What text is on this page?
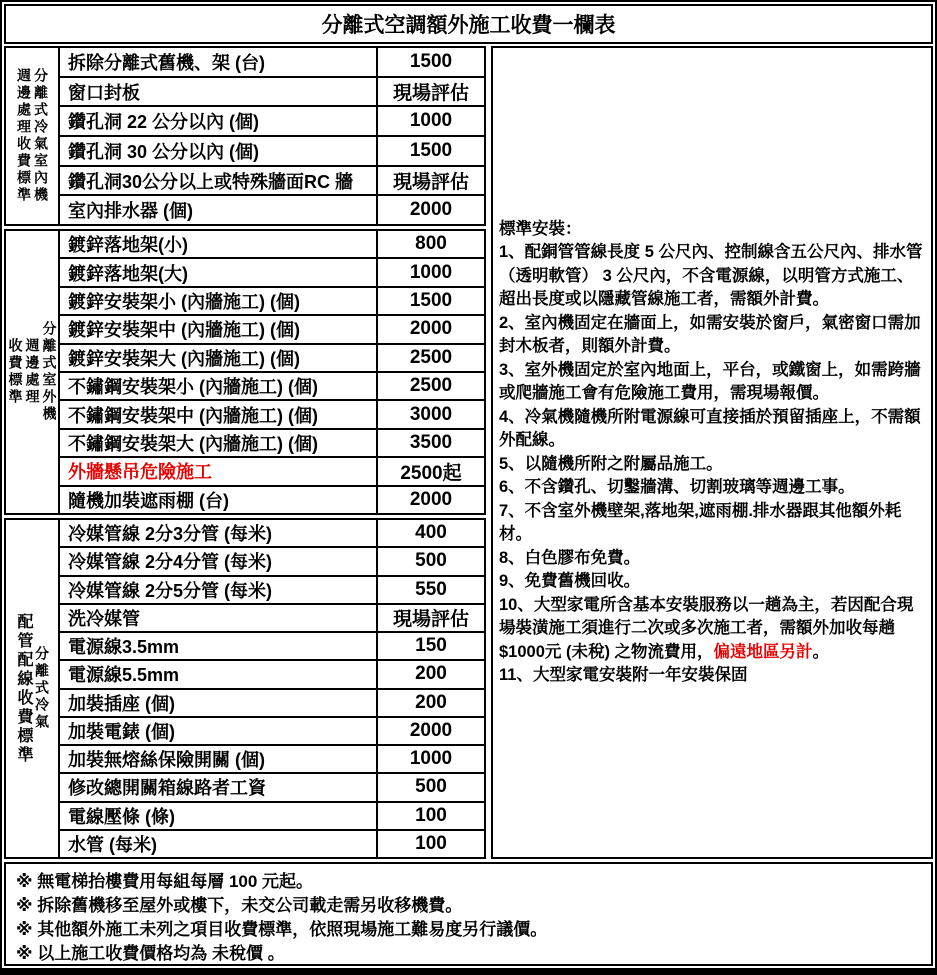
分離式空調額外施工收費一欄表
分離式冷氣室內機
週邊處理收費標準
拆除分離式舊機、架 (台)	1500
窗口封板	現場評估
鑽孔洞 22 公分以內 (個)	1000
鑽孔洞 30 公分以內 (個)	1500
鑽孔洞30公分以上或特殊牆面RC 牆	現場評估
室內排水器 (個)	2000
分離式室外機
週邊處理
收費標準
鍍鋅落地架(小)	800
鍍鋅落地架(大)	1000
鍍鋅安裝架小 (內牆施工) (個)	1500
鍍鋅安裝架中 (內牆施工) (個)	2000
鍍鋅安裝架大 (內牆施工) (個)	2500
不鏽鋼安裝架小 (內牆施工) (個)	2500
不鏽鋼安裝架中 (內牆施工) (個)	3000
不鏽鋼安裝架大 (內牆施工) (個)	3500
外牆懸吊危險施工	2500起
隨機加裝遮雨棚 (台)	2000
配管配線收費標準 分離式冷氣
冷媒管線 2分3分管 (每米)	400
冷媒管線 2分4分管 (每米)	500
冷媒管線 2分5分管 (每米)	550
洗冷媒管	現場評估
電源線3.5mm	150
電源線5.5mm	200
加裝插座 (個)	200
加裝電錶 (個)	2000
加裝無熔絲保險開關 (個)	1000
修改總開關箱線路者工資	500
電線壓條 (條)	100
水管 (每米)	100
標準安裝：
1、配銅管管線長度 5 公尺內、控制線含五公尺內、排水管（透明軟管） 3 公尺內，不含電源線，以明管方式施工、超出長度或以隱藏管線施工者，需額外計費。
2、室內機固定在牆面上，如需安裝於窗戶，氣密窗口需加封木板者，則額外計費。
3、室外機固定於室內地面上，平台，或鐵窗上，如需跨牆或爬牆施工會有危險施工費用，需現場報價。
4、冷氣機隨機所附電源線可直接插於預留插座上，不需額外配線。
5、以隨機所附之附屬品施工。
6、不含鑽孔、切鑿牆溝、切割玻璃等週邊工事。
7、不含室外機壁架,落地架,遮雨棚.排水器跟其他額外耗材。
8、白色膠布免費。
9、免費舊機回收。
10、大型家電所含基本安裝服務以一趟為主，若因配合現場裝潢施工須進行二次或多次施工者，需額外加收每趟 $1000元 (未稅) 之物流費用，偏遠地區另計。
11、大型家電安裝附一年安裝保固
※ 無電梯抬樓費用每組每層 100 元起。
※ 拆除舊機移至屋外或樓下，未交公司載走需另收移機費。
※ 其他額外施工未列之項目收費標準，依照現場施工難易度另行議價。
※ 以上施工收費價格均為 未稅價 。
